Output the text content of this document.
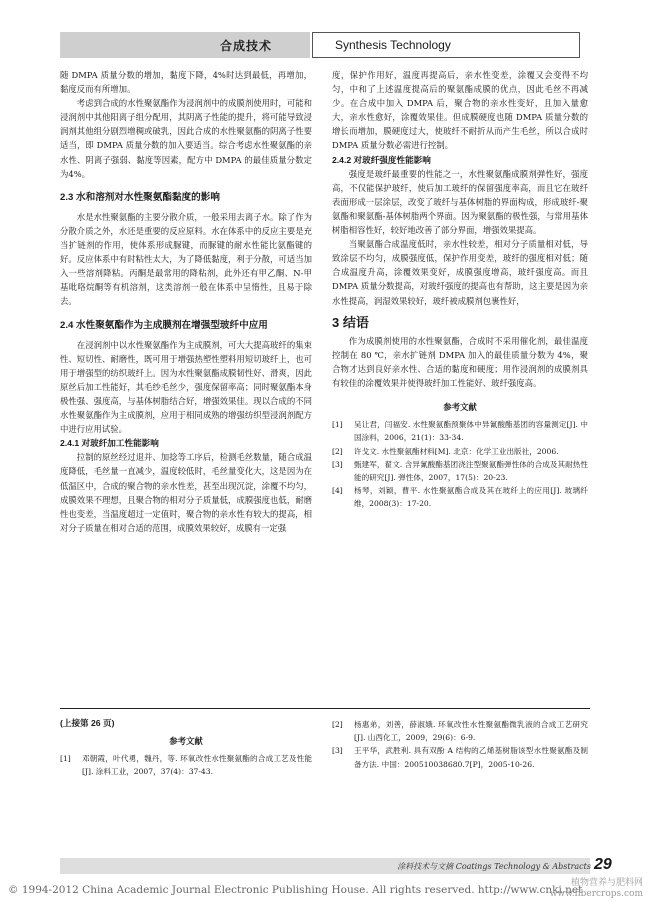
合成技术	Synthesis Technology

随 DMPA 质量分数的增加，黏度下降，4%时达到最低，再增加，黏度反而有所增加。

考虑到合成的水性聚氨酯作为浸润剂中的成膜剂使用时，可能和浸润剂中其他阳离子组分配用，其阴离子性能的提升，将可能导致浸润剂其他组分剧烈增稠或破乳，因此合成的水性聚氨酯的阴离子性要适当，即 DMPA 质量分数的加入要适当。综合考虑水性聚氨酯的亲水性、阴离子强弱、黏度等因素，配方中 DMPA 的最佳质量分数定为4%。

2.3 水和溶剂对水性聚氨酯黏度的影响

水是水性聚氨酯的主要分散介质，一般采用去离子水。除了作为分散介质之外，水还是重要的反应原料。水在体系中的反应主要是充当扩链剂的作用，使体系形成脲键，而脲键的耐水性能比氨酯键的好。反应体系中有时粘性太大，为了降低黏度，利于分散，可适当加入一些溶剂降粘。丙酮是最常用的降粘剂，此外还有甲乙酮、N-甲基吡咯烷酮等有机溶剂，这类溶剂一般在体系中呈惰性，且易于除去。

2.4 水性聚氨酯作为主成膜剂在增强型玻纤中应用

在浸润剂中以水性聚氨酯作为主成膜剂，可大大提高玻纤的集束性、短切性、耐磨性，既可用于增强热塑性塑料用短切玻纤上，也可用于增强型的纺织玻纤上。因为水性聚氨酯成膜韧性好、滑爽，因此原丝后加工性能好，其毛纱毛丝少，强度保留率高；同时聚氨酯本身极性强、强度高，与基体树脂结合好，增强效果佳。现以合成的不同水性聚氨酯作为主成膜剂，应用于相同成熟的增强纺织型浸润剂配方中进行应用试验。

2.4.1 对玻纤加工性能影响

拉制的原丝经过退并、加捻等工序后，检测毛丝数量，随合成温度降低，毛丝量一直减少，温度较低时，毛丝量变化大，这是因为在低温区中，合成的聚合物的亲水性差，甚至出现沉淀，涂覆不均匀，成膜效果不理想，且聚合物的相对分子质量低，成膜强度也低，耐磨性也变差，当温度超过一定值时，聚合物的亲水性有较大的提高，相对分子质量在相对合适的范围，成膜效果较好，成膜有一定强

度，保护作用好，温度再提高后，亲水性变差，涂覆又会变得不均匀，中和了上述温度提高后的聚氨酯成膜的优点，因此毛丝不再减少。在合成中加入 DMPA 后，聚合物的亲水性变好，且加入量愈大，亲水性愈好，涂覆效果佳。但成膜硬度也随 DMPA 质量分数的增长而增加，膜硬度过大，使玻纤不耐折从而产生毛丝，所以合成时 DMPA 质量分数必需进行控制。

2.4.2 对玻纤强度性能影响

强度是玻纤最重要的性能之一，水性聚氨酯成膜剂弹性好，强度高，不仅能保护玻纤，使后加工玻纤的保留强度率高，而且它在玻纤表面形成一层涂层，改变了玻纤与基体树脂的界面构成，形成玻纤-聚氨酯和聚氨酯-基体树脂两个界面。因为聚氨酯的极性强，与常用基体树脂相容性好，较好地改善了部分界面，增强效果提高。

当聚氨酯合成温度低时，亲水性较差，相对分子质量相对低，导致涂层不均匀，成膜强度低，保护作用变差，玻纤的强度相对低；随合成温度升高，涂覆效果变好，成膜强度增高，玻纤强度高。而且 DMPA 质量分数提高，对玻纤强度的提高也有帮助，这主要是因为亲水性提高，润湿效果较好，玻纤被成膜剂包裹性好，

3 结语

作为成膜剂使用的水性聚氨酯，合成时不采用催化剂，最佳温度控制在 80 ℃，亲水扩链剂 DMPA 加入的最佳质量分数为 4%，聚合物才达到良好亲水性、合适的黏度和硬度；用作浸润剂的成膜剂具有较佳的涂覆效果并使得玻纤加工性能好、玻纤强度高。

参考文献
[1]	吴让君，闫福安. 水性聚氨酯预聚体中异氰酸酯基团的容量测定[J]. 中国涂料，2006，21(1)：33-34.
[2]	许戈文. 水性聚氨酯材料[M]. 北京：化学工业出版社，2006.
[3]	甄建军，翟文. 含异氰酸酯基团浇注型聚氨酯弹性体的合成及其耐热性能的研究[J]. 弹性体，2007，17(5)：20-23.
[4]	杨琴，刘颖，曹平. 水性聚氨酯合成及其在玻纤上的应用[J]. 玻璃纤维，2008(3)：17-20.
(上接第 26 页)
参考文献
[1]	邓朝霞，叶代勇，魏丹，等. 环氧改性水性聚氨酯的合成工艺及性能[J]. 涂料工业，2007，37(4)：37-43.
[2]	杨惠弟，刘善，薛淑娥. 环氧改性水性聚氨酯微乳液的合成工艺研究[J]. 山西化工，2009，29(6)：6-9.
[3]	王平华，武胜利. 具有双酚 A 结构的乙烯基树脂该型水性聚氨酯及制备方法. 中国：200510038680.7[P]，2005-10-26.
涂料技术与文摘 Coatings Technology & Abstracts 29
© 1994-2012 China Academic Journal Electronic Publishing House. All rights reserved. http://www.cnki.net
植物营养与肥料网
www.fibercrops.com
